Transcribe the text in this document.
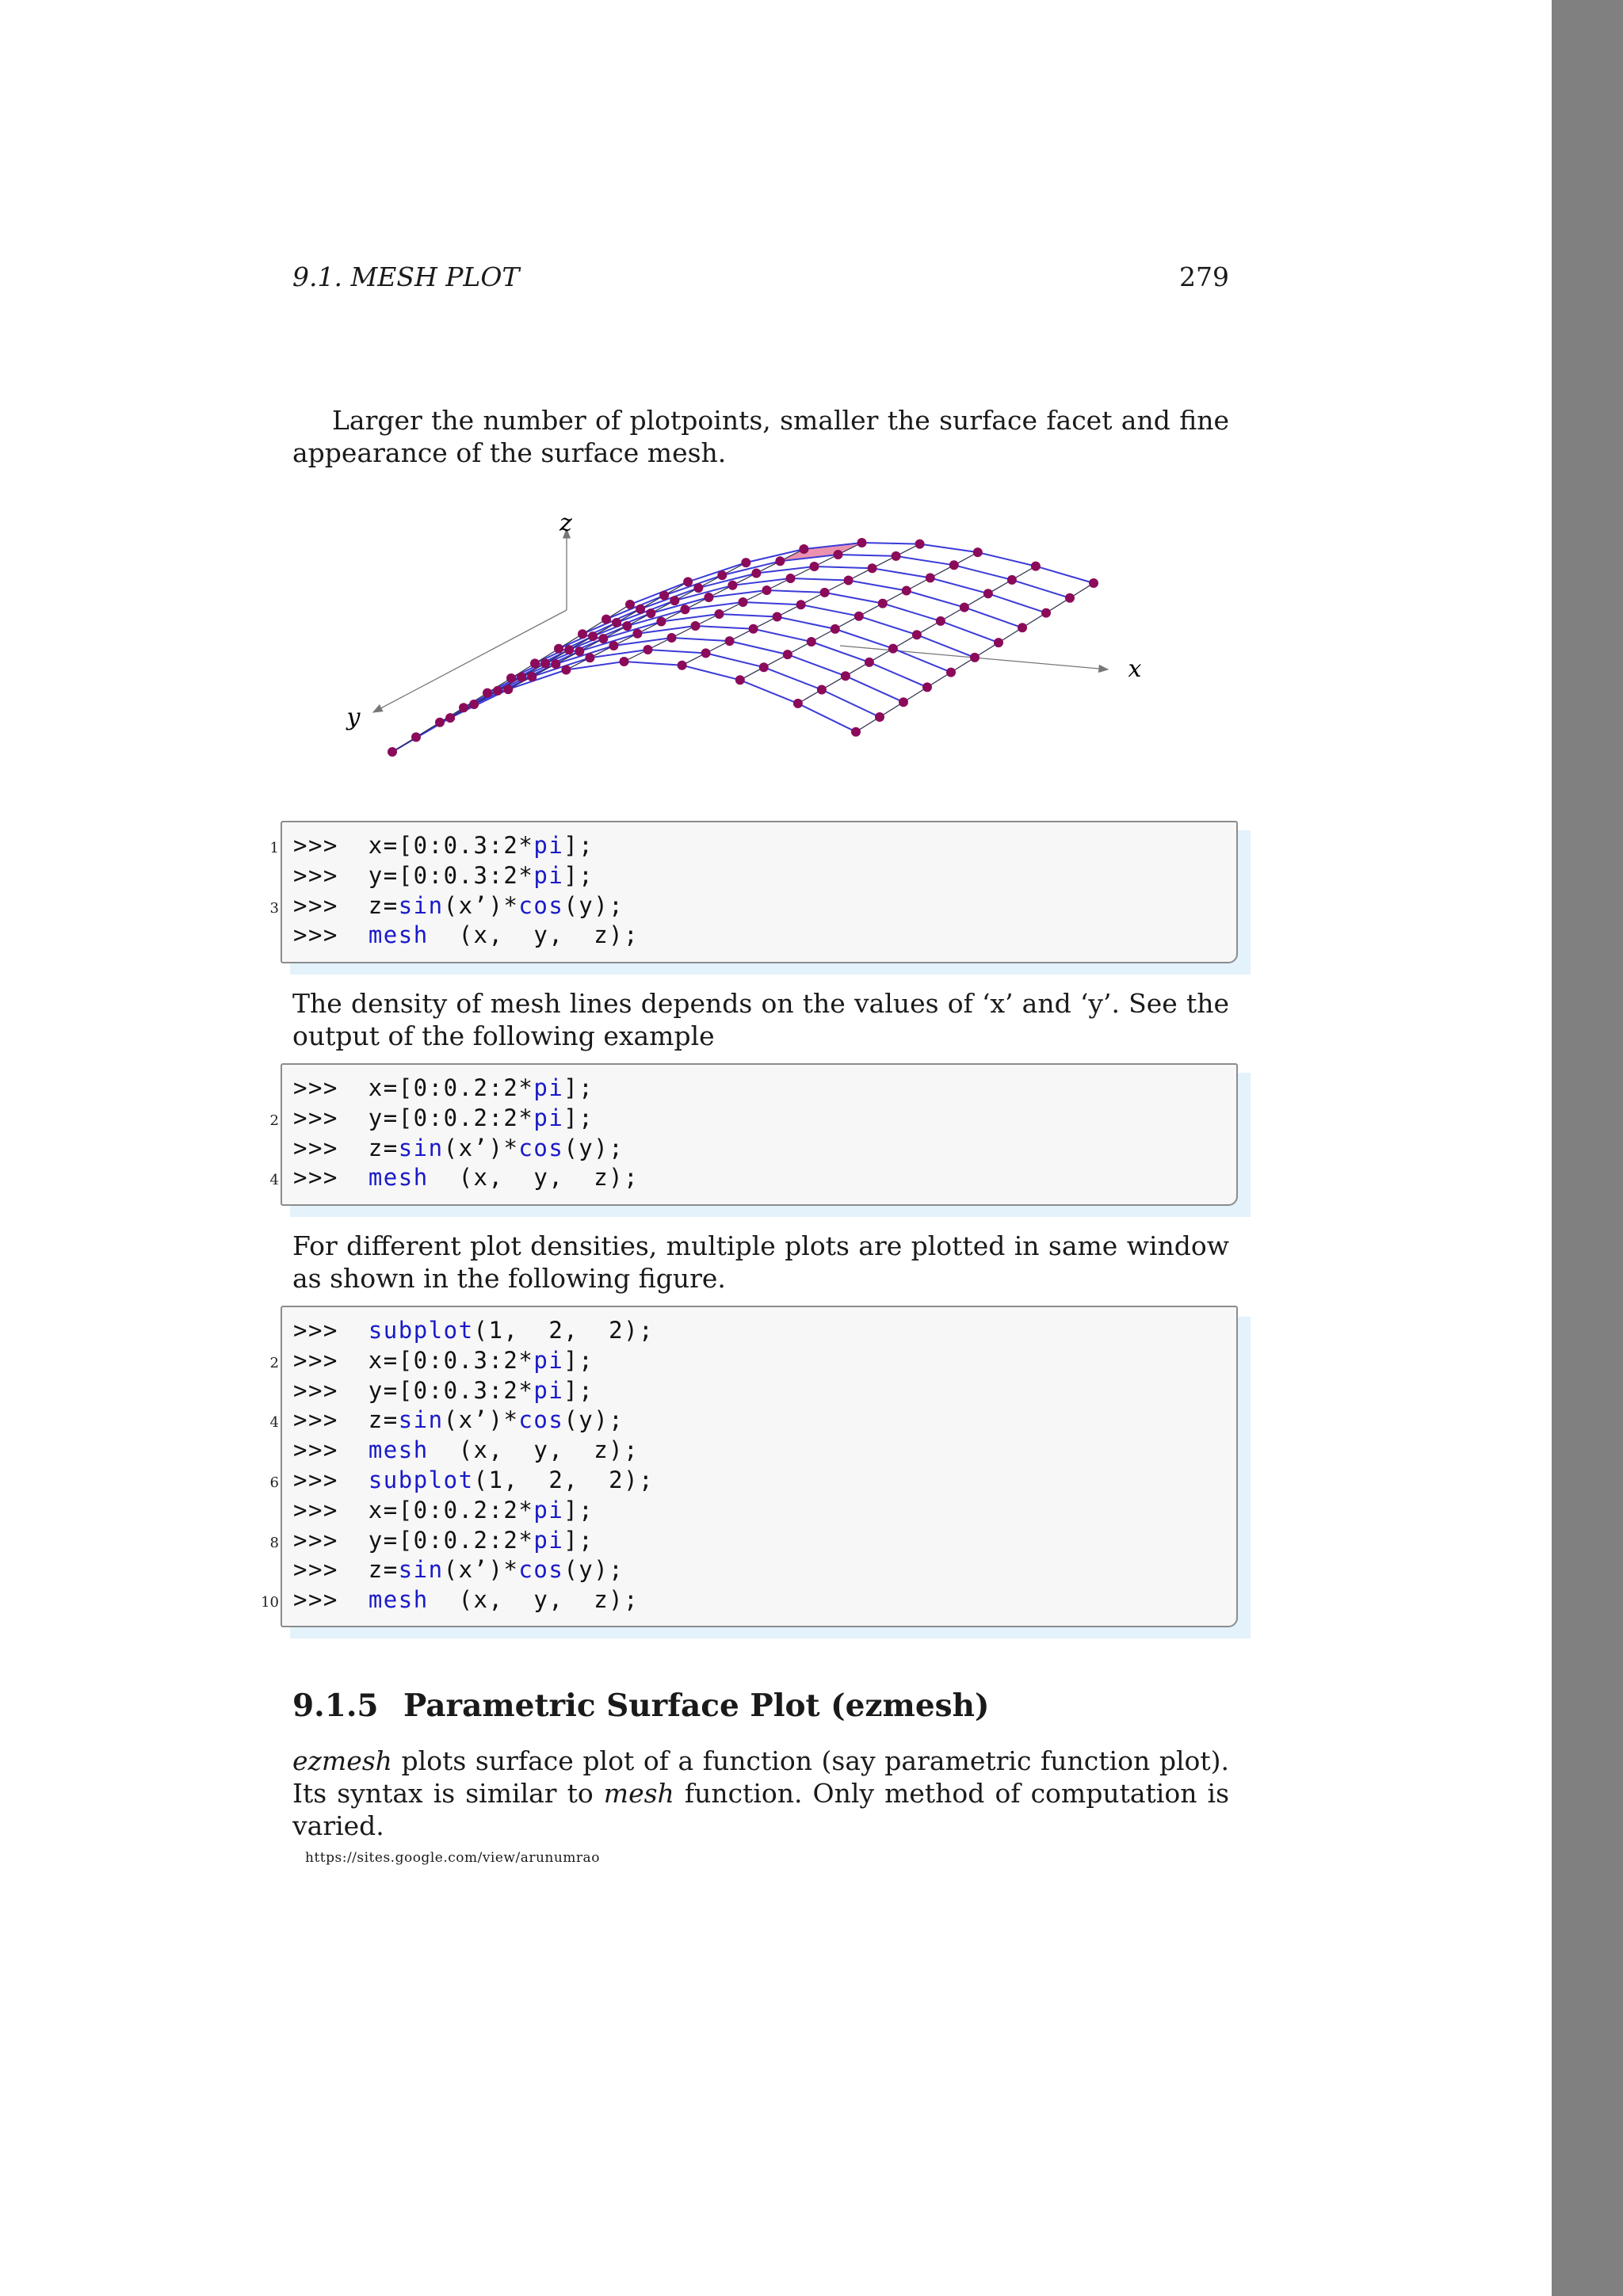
9.1. MESH PLOT	279
Larger the number of plotpoints, smaller the surface facet and fine appearance of the surface mesh.
z
x
y
>>>  x=[0:0.3:2*pi];
>>>  y=[0:0.3:2*pi];
>>>  z=sin(x’)*cos(y);
>>>  mesh  (x,  y,  z);
1
3
The density of mesh lines depends on the values of ‘x’ and ‘y’. See the output of the following example
>>>  x=[0:0.2:2*pi];
>>>  y=[0:0.2:2*pi];
>>>  z=sin(x’)*cos(y);
>>>  mesh  (x,  y,  z);
2
4
For different plot densities, multiple plots are plotted in same window as shown in the following figure.
>>>  subplot(1,  2,  2);
>>>  x=[0:0.3:2*pi];
>>>  y=[0:0.3:2*pi];
>>>  z=sin(x’)*cos(y);
>>>  mesh  (x,  y,  z);
>>>  subplot(1,  2,  2);
>>>  x=[0:0.2:2*pi];
>>>  y=[0:0.2:2*pi];
>>>  z=sin(x’)*cos(y);
>>>  mesh  (x,  y,  z);
2
4
6
8
10
9.1.5 Parametric Surface Plot (ezmesh)
ezmesh plots surface plot of a function (say parametric function plot). Its syntax is similar to mesh function. Only method of computation is varied.
https://sites.google.com/view/arunumrao
